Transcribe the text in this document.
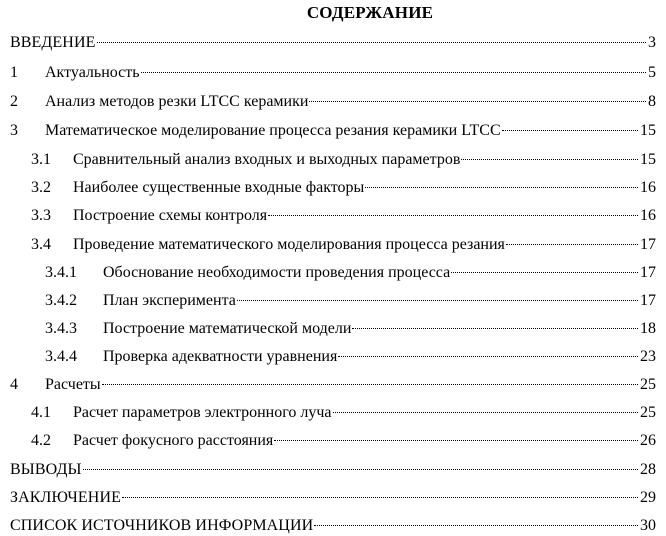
СОДЕРЖАНИЕ
ВВЕДЕНИЕ	3
1	Актуальность	5
2	Анализ методов резки LTCC керамики	8
3	Математическое моделирование процесса резания керамики LTCC	15
3.1	Сравнительный анализ входных и выходных параметров	15
3.2	Наиболее существенные входные факторы	16
3.3	Построение схемы контроля	16
3.4	Проведение математического моделирования процесса резания	17
3.4.1	Обоснование необходимости проведения процесса	17
3.4.2	План эксперимента	17
3.4.3	Построение математической модели	18
3.4.4	Проверка адекватности уравнения	23
4	Расчеты	25
4.1	Расчет параметров электронного луча	25
4.2	Расчет фокусного расстояния	26
ВЫВОДЫ	28
ЗАКЛЮЧЕНИЕ	29
СПИСОК ИСТОЧНИКОВ ИНФОРМАЦИИ	30
